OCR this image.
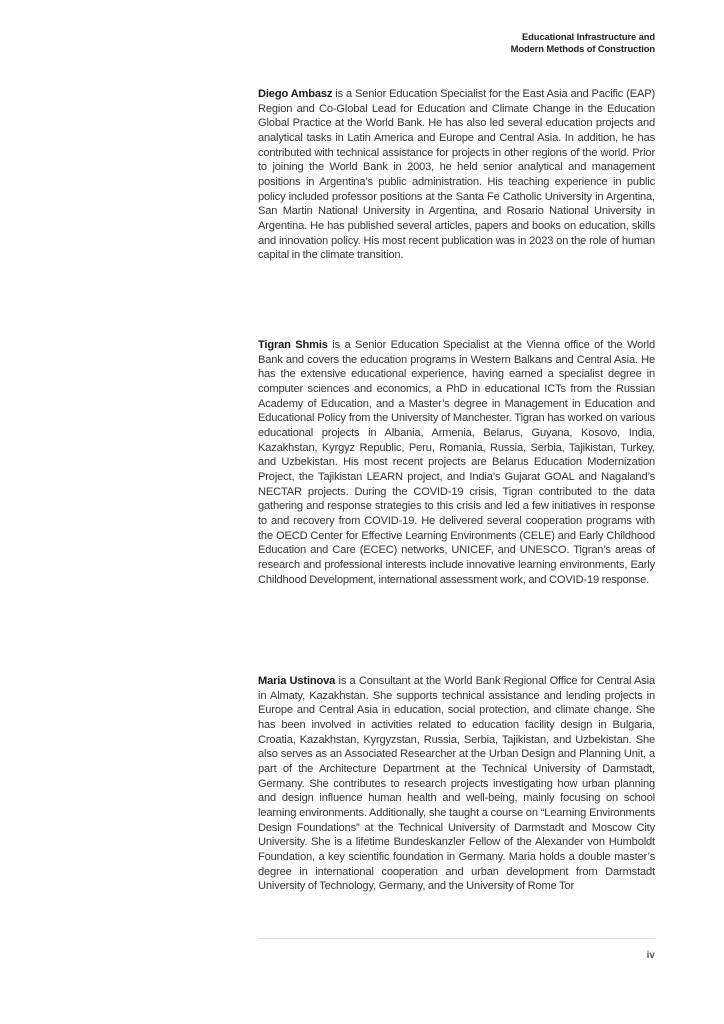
Educational Infrastructure and
Modern Methods of Construction

Diego Ambasz is a Senior Education Specialist for the East Asia and Pacific (EAP) Region and Co-Global Lead for Education and Climate Change in the Education Global Practice at the World Bank. He has also led several education projects and analytical tasks in Latin America and Europe and Central Asia. In addition, he has contributed with technical assistance for projects in other regions of the world. Prior to joining the World Bank in 2003, he held senior analytical and management positions in Argentina’s public administration. His teaching experience in public policy included professor positions at the Santa Fe Catholic University in Argentina, San Martin National University in Argentina, and Rosario National University in Argentina. He has published several articles, papers and books on education, skills and innovation policy. His most recent publication was in 2023 on the role of human capital in the climate transition.

Tigran Shmis is a Senior Education Specialist at the Vienna office of the World Bank and covers the education programs in Western Balkans and Central Asia. He has the extensive educational experience, having earned a specialist degree in computer sciences and economics, a PhD in educational ICTs from the Russian Academy of Education, and a Master’s degree in Management in Education and Educational Policy from the University of Manchester. Tigran has worked on various educational projects in Albania, Armenia, Belarus, Guyana, Kosovo, India, Kazakhstan, Kyrgyz Republic, Peru, Romania, Russia, Serbia, Tajikistan, Turkey, and Uzbekistan. His most recent projects are Belarus Education Modernization Project, the Tajikistan LEARN project, and India’s Gujarat GOAL and Nagaland’s NECTAR projects. During the COVID-19 crisis, Tigran contributed to the data gathering and response strategies to this crisis and led a few initiatives in response to and recovery from COVID-19. He delivered several cooperation programs with the OECD Center for Effective Learning Environments (CELE) and Early Childhood Education and Care (ECEC) networks, UNICEF, and UNESCO. Tigran’s areas of research and professional interests include innovative learning environments, Early Childhood Development, international assessment work, and COVID-19 response.

Maria Ustinova is a Consultant at the World Bank Regional Office for Central Asia in Almaty, Kazakhstan. She supports technical assistance and lending projects in Europe and Central Asia in education, social protection, and climate change. She has been involved in activities related to education facility design in Bulgaria, Croatia, Kazakhstan, Kyrgyzstan, Russia, Serbia, Tajikistan, and Uzbekistan. She also serves as an Associated Researcher at the Urban Design and Planning Unit, a part of the Architecture Department at the Technical University of Darmstadt, Germany. She contributes to research projects investigating how urban planning and design influence human health and well-being, mainly focusing on school learning environments. Additionally, she taught a course on “Learning Environments Design Foundations” at the Technical University of Darmstadt and Moscow City University. She is a lifetime Bundeskanzler Fellow of the Alexander von Humboldt Foundation, a key scientific foundation in Germany. Maria holds a double master’s degree in international cooperation and urban development from Darmstadt University of Technology, Germany, and the University of Rome Tor

iv
